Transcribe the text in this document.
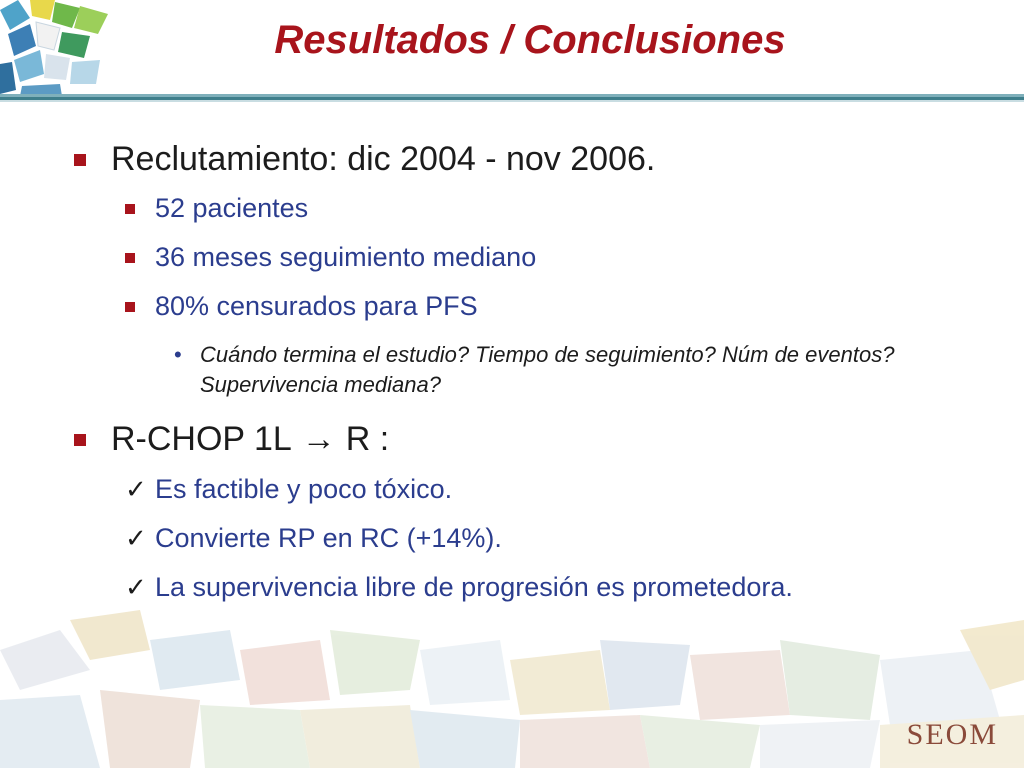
Resultados / Conclusiones
Reclutamiento: dic 2004 - nov 2006.
52 pacientes
36 meses seguimiento mediano
80% censurados para PFS
• Cuándo termina el estudio? Tiempo de seguimiento? Núm de eventos? Supervivencia mediana?
R-CHOP 1L → R :
✓ Es factible y poco tóxico.
✓ Convierte RP en RC (+14%).
✓ La supervivencia libre de progresión es prometedora.
SEOM
